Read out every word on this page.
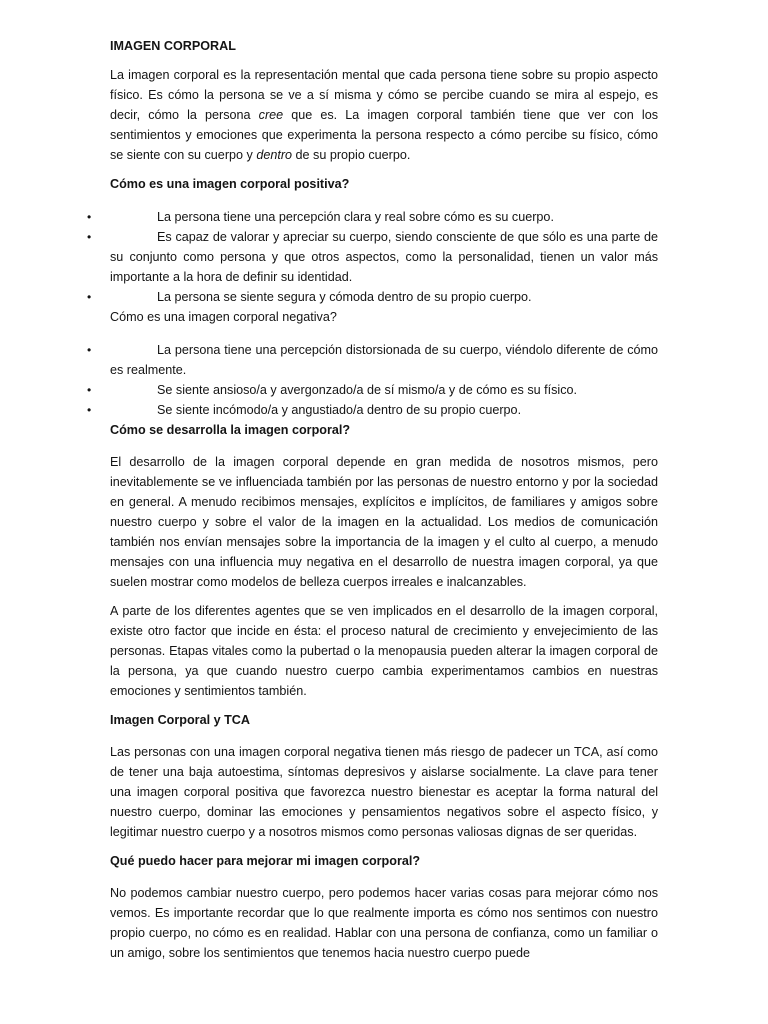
IMAGEN CORPORAL

La imagen corporal es la representación mental que cada persona tiene sobre su propio aspecto físico. Es cómo la persona se ve a sí misma y cómo se percibe cuando se mira al espejo, es decir, cómo la persona cree que es. La imagen corporal también tiene que ver con los sentimientos y emociones que experimenta la persona respecto a cómo percibe su físico, cómo se siente con su cuerpo y dentro de su propio cuerpo.

Cómo es una imagen corporal positiva?
• La persona tiene una percepción clara y real sobre cómo es su cuerpo.
• Es capaz de valorar y apreciar su cuerpo, siendo consciente de que sólo es una parte de su conjunto como persona y que otros aspectos, como la personalidad, tienen un valor más importante a la hora de definir su identidad.
• La persona se siente segura y cómoda dentro de su propio cuerpo.

Cómo es una imagen corporal negativa?

• La persona tiene una percepción distorsionada de su cuerpo, viéndolo diferente de cómo es realmente.
• Se siente ansioso/a y avergonzado/a de sí mismo/a y de cómo es su físico.
• Se siente incómodo/a y angustiado/a dentro de su propio cuerpo.
Cómo se desarrolla la imagen corporal?

El desarrollo de la imagen corporal depende en gran medida de nosotros mismos, pero inevitablemente se ve influenciada también por las personas de nuestro entorno y por la sociedad en general. A menudo recibimos mensajes, explícitos e implícitos, de familiares y amigos sobre nuestro cuerpo y sobre el valor de la imagen en la actualidad. Los medios de comunicación también nos envían mensajes sobre la importancia de la imagen y el culto al cuerpo, a menudo mensajes con una influencia muy negativa en el desarrollo de nuestra imagen corporal, ya que suelen mostrar como modelos de belleza cuerpos irreales e inalcanzables.

A parte de los diferentes agentes que se ven implicados en el desarrollo de la imagen corporal, existe otro factor que incide en ésta: el proceso natural de crecimiento y envejecimiento de las personas. Etapas vitales como la pubertad o la menopausia pueden alterar la imagen corporal de la persona, ya que cuando nuestro cuerpo cambia experimentamos cambios en nuestras emociones y sentimientos también.

Imagen Corporal y TCA

Las personas con una imagen corporal negativa tienen más riesgo de padecer un TCA, así como de tener una baja autoestima, síntomas depresivos y aislarse socialmente. La clave para tener una imagen corporal positiva que favorezca nuestro bienestar es aceptar la forma natural del nuestro cuerpo, dominar las emociones y pensamientos negativos sobre el aspecto físico, y legitimar nuestro cuerpo y a nosotros mismos como personas valiosas dignas de ser queridas.

Qué puedo hacer para mejorar mi imagen corporal?

No podemos cambiar nuestro cuerpo, pero podemos hacer varias cosas para mejorar cómo nos vemos. Es importante recordar que lo que realmente importa es cómo nos sentimos con nuestro propio cuerpo, no cómo es en realidad. Hablar con una persona de confianza, como un familiar o un amigo, sobre los sentimientos que tenemos hacia nuestro cuerpo puede
